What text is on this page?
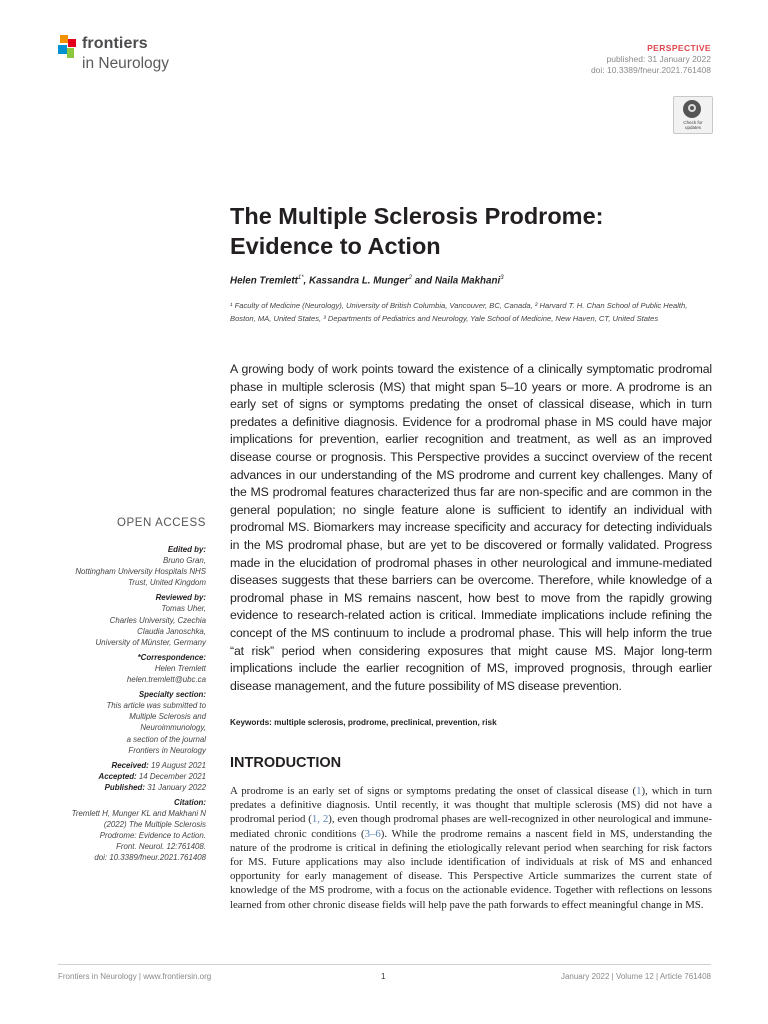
frontiers
in Neurology
PERSPECTIVE
published: 31 January 2022
doi: 10.3389/fneur.2021.761408
Check for
updates
The Multiple Sclerosis Prodrome:
Evidence to Action
Helen Tremlett$^{1*}$, Kassandra L. Munger$^2$ and Naila Makhani$^3$
¹ Faculty of Medicine (Neurology), University of British Columbia, Vancouver, BC, Canada, ² Harvard T. H. Chan School of Public Health, Boston, MA, United States, ³ Departments of Pediatrics and Neurology, Yale School of Medicine, New Haven, CT, United States
A growing body of work points toward the existence of a clinically symptomatic prodromal phase in multiple sclerosis (MS) that might span 5–10 years or more. A prodrome is an early set of signs or symptoms predating the onset of classical disease, which in turn predates a definitive diagnosis. Evidence for a prodromal phase in MS could have major implications for prevention, earlier recognition and treatment, as well as an improved disease course or prognosis. This Perspective provides a succinct overview of the recent advances in our understanding of the MS prodrome and current key challenges. Many of the MS prodromal features characterized thus far are non-specific and are common in the general population; no single feature alone is sufficient to identify an individual with prodromal MS. Biomarkers may increase specificity and accuracy for detecting individuals in the MS prodromal phase, but are yet to be discovered or formally validated. Progress made in the elucidation of prodromal phases in other neurological and immune-mediated diseases suggests that these barriers can be overcome. Therefore, while knowledge of a prodromal phase in MS remains nascent, how best to move from the rapidly growing evidence to research-related action is critical. Immediate implications include refining the concept of the MS continuum to include a prodromal phase. This will help inform the true “at risk” period when considering exposures that might cause MS. Major long-term implications include the earlier recognition of MS, improved prognosis, through earlier disease management, and the future possibility of MS disease prevention.
Keywords: multiple sclerosis, prodrome, preclinical, prevention, risk
INTRODUCTION
A prodrome is an early set of signs or symptoms predating the onset of classical disease (1), which in turn predates a definitive diagnosis. Until recently, it was thought that multiple sclerosis (MS) did not have a prodromal period (1, 2), even though prodromal phases are well-recognized in other neurological and immune-mediated chronic conditions (3–6). While the prodrome remains a nascent field in MS, understanding the nature of the prodrome is critical in defining the etiologically relevant period when searching for risk factors for MS. Future applications may also include identification of individuals at risk of MS and enhanced opportunity for early management of disease. This Perspective Article summarizes the current state of knowledge of the MS prodrome, with a focus on the actionable evidence. Together with reflections on lessons learned from other chronic disease fields will help pave the path forwards to effect meaningful change in MS.
OPEN ACCESS
Edited by:
Bruno Gran,
Nottingham University Hospitals NHS
Trust, United Kingdom
Reviewed by:
Tomas Uher,
Charles University, Czechia
Claudia Janoschka,
University of Münster, Germany
*Correspondence:
Helen Tremlett
helen.tremlett@ubc.ca
Specialty section:
This article was submitted to
Multiple Sclerosis and
Neuroimmunology,
a section of the journal
Frontiers in Neurology
Received: 19 August 2021
Accepted: 14 December 2021
Published: 31 January 2022
Citation:
Tremlett H, Munger KL and Makhani N
(2022) The Multiple Sclerosis
Prodrome: Evidence to Action.
Front. Neurol. 12:761408.
doi: 10.3389/fneur.2021.761408
Frontiers in Neurology | www.frontiersin.org	1	January 2022 | Volume 12 | Article 761408
